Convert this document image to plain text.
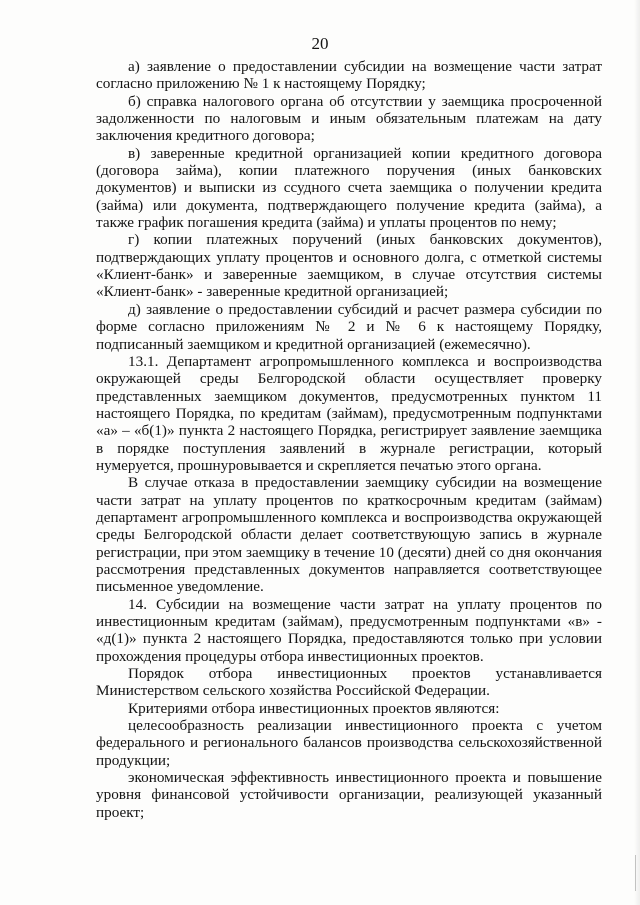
20

а) заявление о предоставлении субсидии на возмещение части затрат согласно приложению № 1 к настоящему Порядку;

б) справка налогового органа об отсутствии у заемщика просроченной задолженности по налоговым и иным обязательным платежам на дату заключения кредитного договора;

в) заверенные кредитной организацией копии кредитного договора (договора займа), копии платежного поручения (иных банковских документов) и выписки из ссудного счета заемщика о получении кредита (займа) или документа, подтверждающего получение кредита (займа), а также график погашения кредита (займа) и уплаты процентов по нему;

г) копии платежных поручений (иных банковских документов), подтверждающих уплату процентов и основного долга, с отметкой системы «Клиент-банк» и заверенные заемщиком, в случае отсутствия системы «Клиент-банк» - заверенные кредитной организацией;

д) заявление о предоставлении субсидий и расчет размера субсидии по форме согласно приложениям № 2 и № 6 к настоящему Порядку, подписанный заемщиком и кредитной организацией (ежемесячно).

13.1. Департамент агропромышленного комплекса и воспроизводства окружающей среды Белгородской области осуществляет проверку представленных заемщиком документов, предусмотренных пунктом 11 настоящего Порядка, по кредитам (займам), предусмотренным подпунктами «а» – «б(1)» пункта 2 настоящего Порядка, регистрирует заявление заемщика в порядке поступления заявлений в журнале регистрации, который нумеруется, прошнуровывается и скрепляется печатью этого органа.

В случае отказа в предоставлении заемщику субсидии на возмещение части затрат на уплату процентов по краткосрочным кредитам (займам) департамент агропромышленного комплекса и воспроизводства окружающей среды Белгородской области делает соответствующую запись в журнале регистрации, при этом заемщику в течение 10 (десяти) дней со дня окончания рассмотрения представленных документов направляется соответствующее письменное уведомление.

14. Субсидии на возмещение части затрат на уплату процентов по инвестиционным кредитам (займам), предусмотренным подпунктами «в» - «д(1)» пункта 2 настоящего Порядка, предоставляются только при условии прохождения процедуры отбора инвестиционных проектов.

Порядок отбора инвестиционных проектов устанавливается Министерством сельского хозяйства Российской Федерации.

Критериями отбора инвестиционных проектов являются:

целесообразность реализации инвестиционного проекта с учетом федерального и регионального балансов производства сельскохозяйственной продукции;

экономическая эффективность инвестиционного проекта и повышение уровня финансовой устойчивости организации, реализующей указанный проект;
